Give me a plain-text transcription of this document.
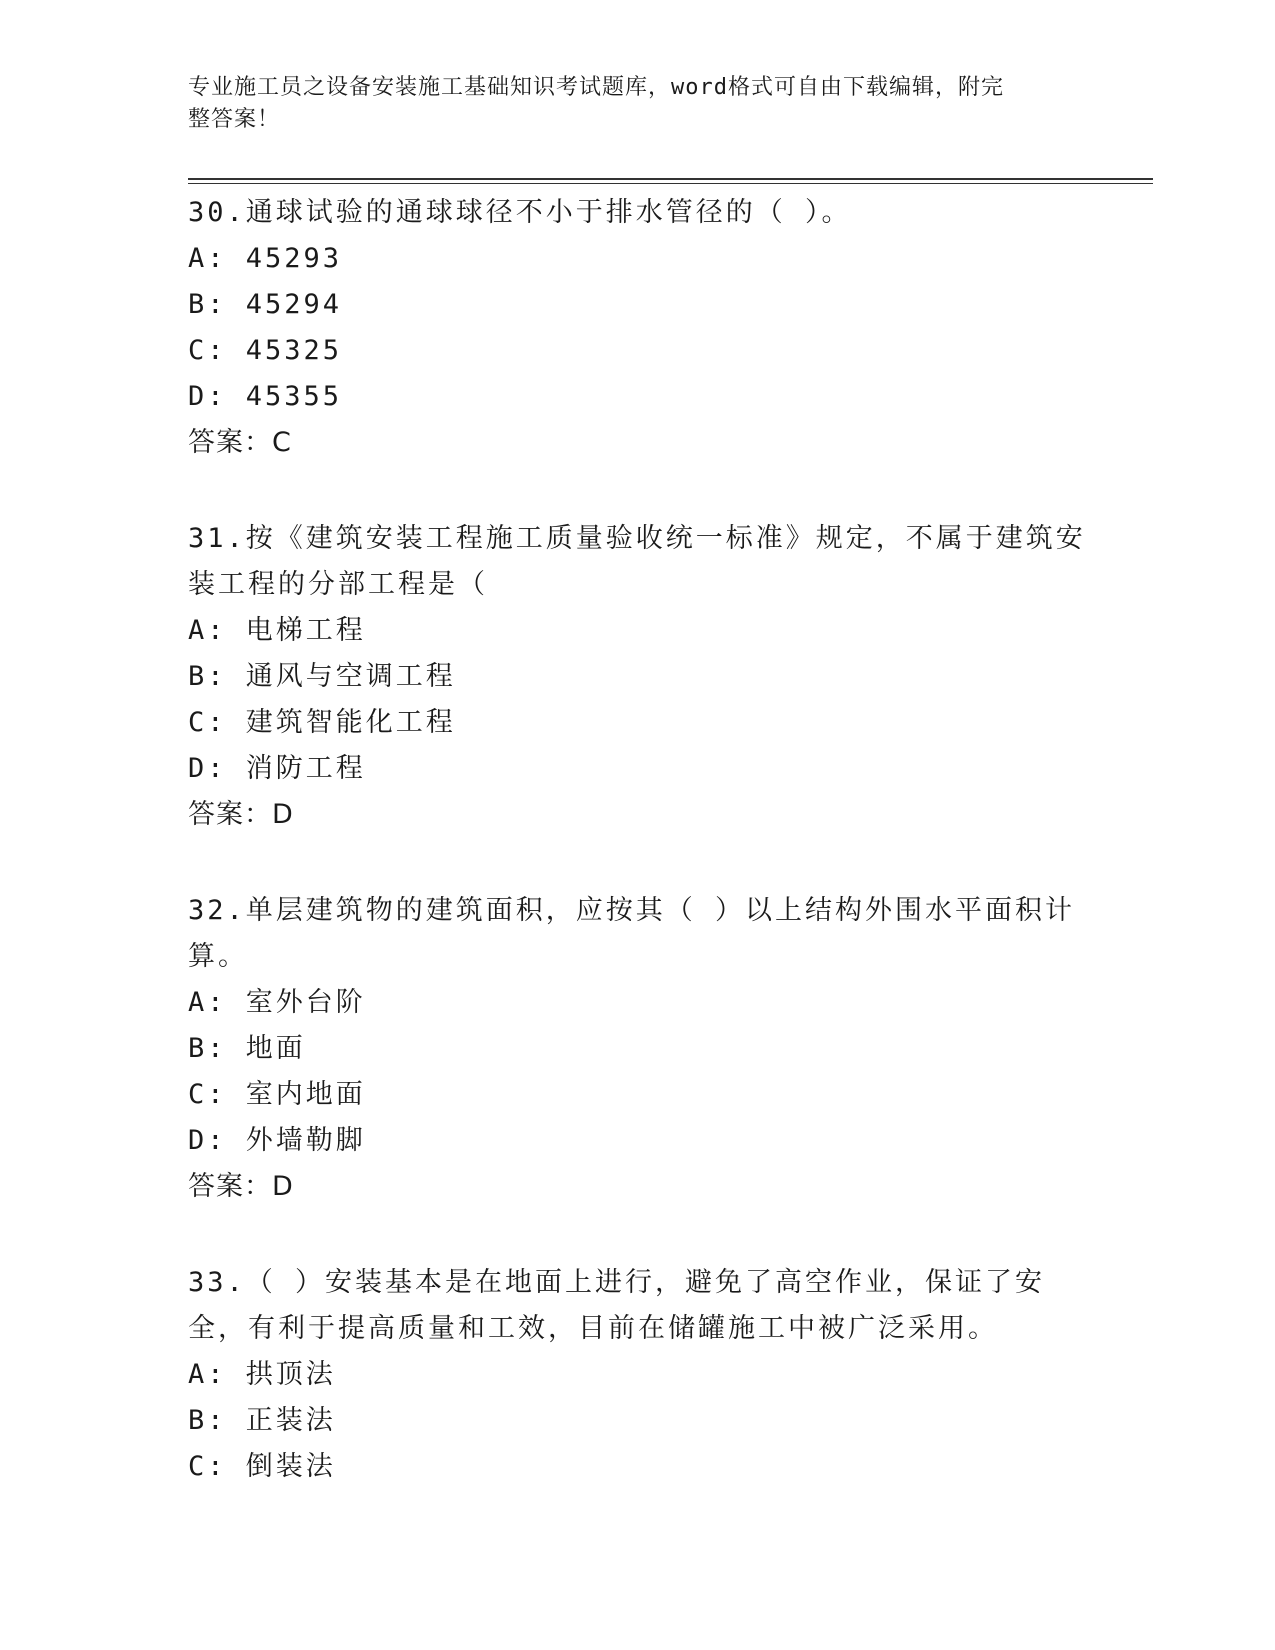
专业施工员之设备安装施工基础知识考试题库，word格式可自由下载编辑，附完
整答案！

30.通球试验的通球球径不小于排水管径的（ ）。

A: 45293

B: 45294

C: 45325

D: 45355

答案：C

31.按《建筑安装工程施工质量验收统一标准》规定，不属于建筑安装工程的分部工程是（

A: 电梯工程

B: 通风与空调工程

C: 建筑智能化工程

D: 消防工程

答案：D

32.单层建筑物的建筑面积，应按其（ ）以上结构外围水平面积计算。

A: 室外台阶

B: 地面

C: 室内地面

D: 外墙勒脚

答案：D

33.（ ）安装基本是在地面上进行，避免了高空作业，保证了安全，有利于提高质量和工效，目前在储罐施工中被广泛采用。

A: 拱顶法

B: 正装法

C: 倒装法
